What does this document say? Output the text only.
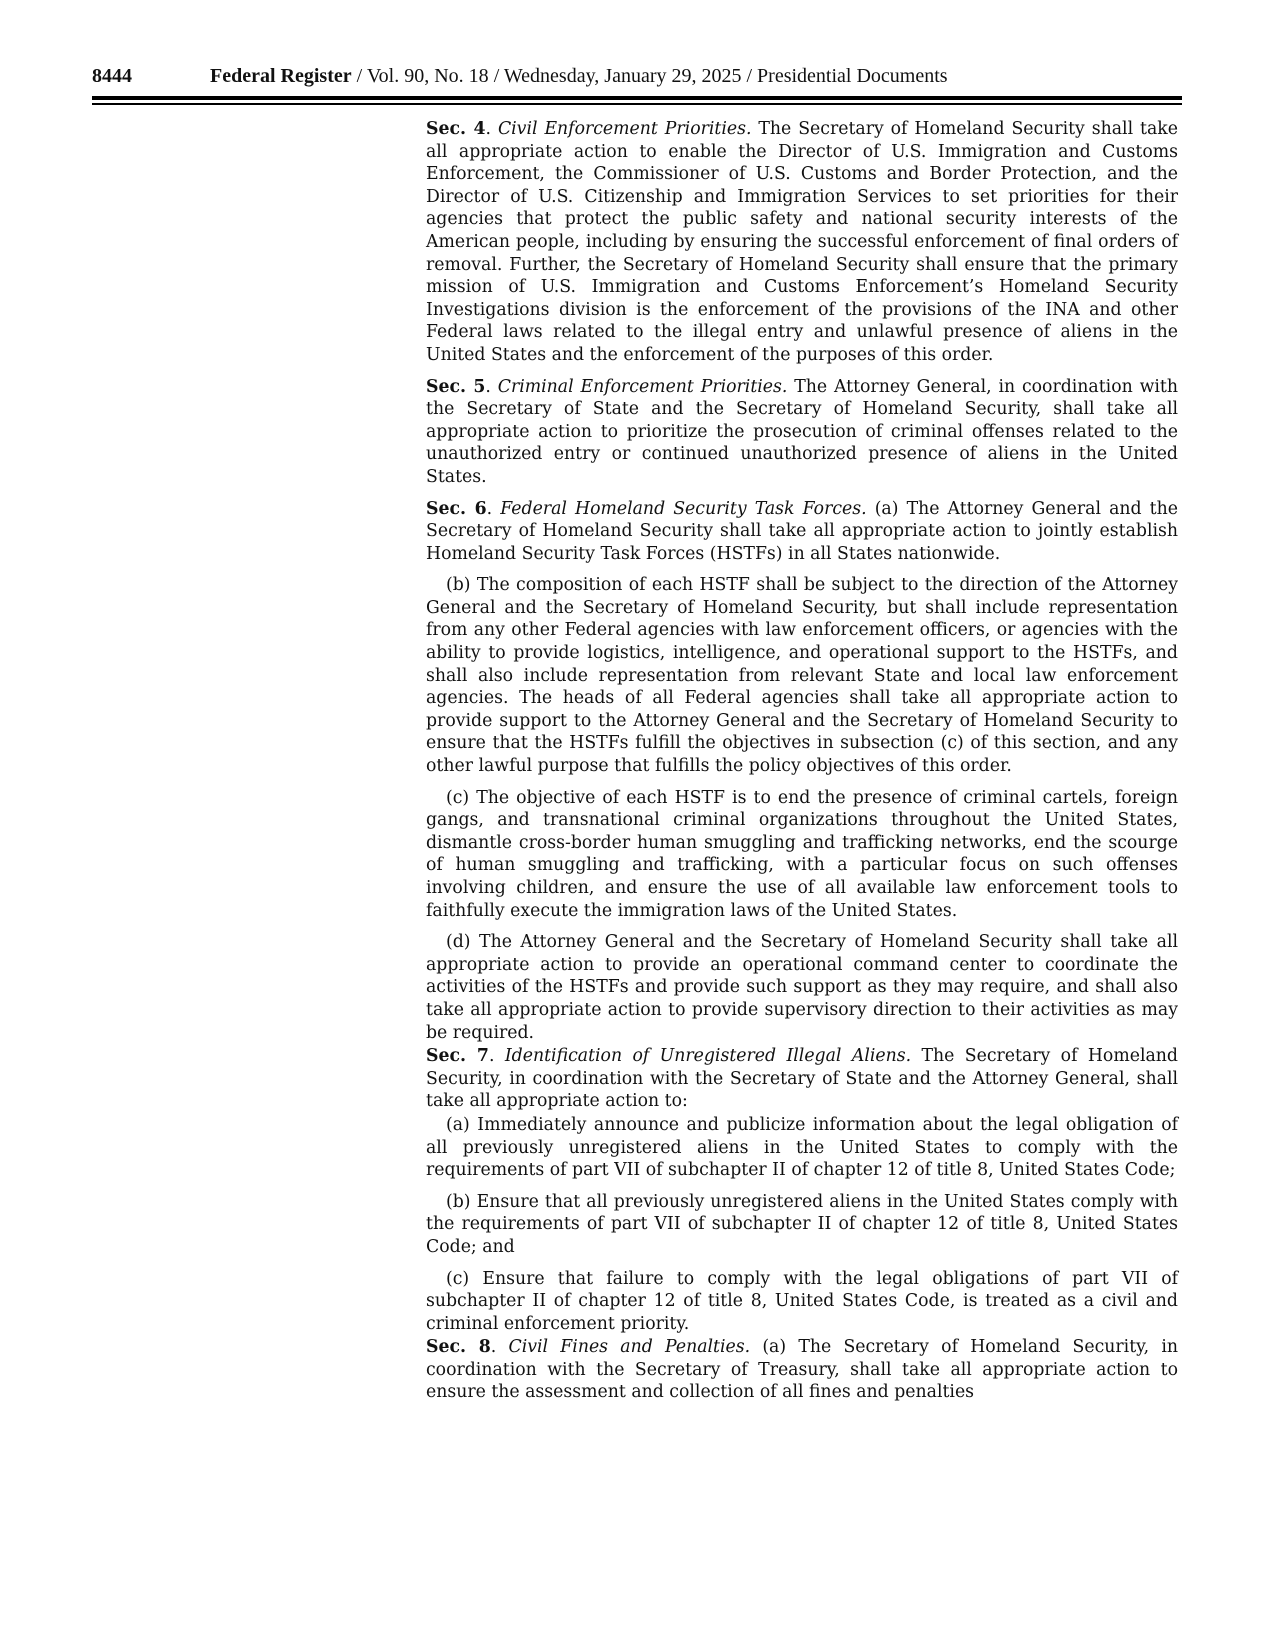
8444	Federal Register / Vol. 90, No. 18 / Wednesday, January 29, 2025 / Presidential Documents

Sec. 4. Civil Enforcement Priorities. The Secretary of Homeland Security shall take all appropriate action to enable the Director of U.S. Immigration and Customs Enforcement, the Commissioner of U.S. Customs and Border Protection, and the Director of U.S. Citizenship and Immigration Services to set priorities for their agencies that protect the public safety and national security interests of the American people, including by ensuring the successful enforcement of final orders of removal. Further, the Secretary of Homeland Security shall ensure that the primary mission of U.S. Immigration and Customs Enforcement’s Homeland Security Investigations division is the enforcement of the provisions of the INA and other Federal laws related to the illegal entry and unlawful presence of aliens in the United States and the enforcement of the purposes of this order.

Sec. 5. Criminal Enforcement Priorities. The Attorney General, in coordination with the Secretary of State and the Secretary of Homeland Security, shall take all appropriate action to prioritize the prosecution of criminal offenses related to the unauthorized entry or continued unauthorized presence of aliens in the United States.

Sec. 6. Federal Homeland Security Task Forces. (a) The Attorney General and the Secretary of Homeland Security shall take all appropriate action to jointly establish Homeland Security Task Forces (HSTFs) in all States nationwide.

(b) The composition of each HSTF shall be subject to the direction of the Attorney General and the Secretary of Homeland Security, but shall include representation from any other Federal agencies with law enforcement officers, or agencies with the ability to provide logistics, intelligence, and operational support to the HSTFs, and shall also include representation from relevant State and local law enforcement agencies. The heads of all Federal agencies shall take all appropriate action to provide support to the Attorney General and the Secretary of Homeland Security to ensure that the HSTFs fulfill the objectives in subsection (c) of this section, and any other lawful purpose that fulfills the policy objectives of this order.

(c) The objective of each HSTF is to end the presence of criminal cartels, foreign gangs, and transnational criminal organizations throughout the United States, dismantle cross-border human smuggling and trafficking networks, end the scourge of human smuggling and trafficking, with a particular focus on such offenses involving children, and ensure the use of all available law enforcement tools to faithfully execute the immigration laws of the United States.

(d) The Attorney General and the Secretary of Homeland Security shall take all appropriate action to provide an operational command center to coordinate the activities of the HSTFs and provide such support as they may require, and shall also take all appropriate action to provide supervisory direction to their activities as may be required.

Sec. 7. Identification of Unregistered Illegal Aliens. The Secretary of Homeland Security, in coordination with the Secretary of State and the Attorney General, shall take all appropriate action to:

(a) Immediately announce and publicize information about the legal obligation of all previously unregistered aliens in the United States to comply with the requirements of part VII of subchapter II of chapter 12 of title 8, United States Code;

(b) Ensure that all previously unregistered aliens in the United States comply with the requirements of part VII of subchapter II of chapter 12 of title 8, United States Code; and

(c) Ensure that failure to comply with the legal obligations of part VII of subchapter II of chapter 12 of title 8, United States Code, is treated as a civil and criminal enforcement priority.

Sec. 8. Civil Fines and Penalties. (a) The Secretary of Homeland Security, in coordination with the Secretary of Treasury, shall take all appropriate action to ensure the assessment and collection of all fines and penalties
